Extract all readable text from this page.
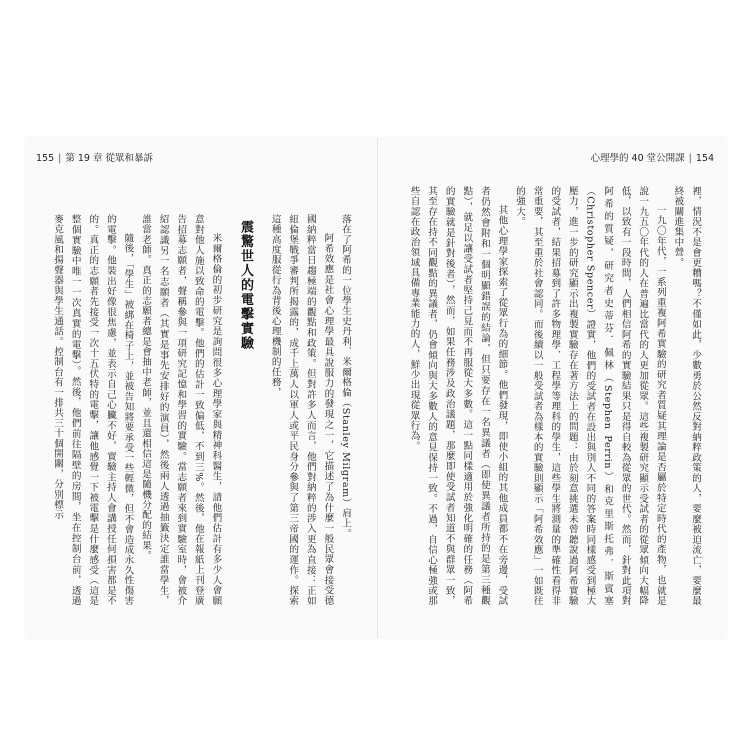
155 | 第 19 章 從眾和暴訴	心理學的 40 堂公開課 | 154

落在了阿希的一位學生史丹利．米爾格倫（Stanley Milgram）肩上。

阿希效應是社會心理學最具說服力的發現之一，它描述了為什麼一般民眾會接受德國納粹當日趨極端的觀點和政策。但對許多人而言，他們對納粹的涉入更為直接：正如紐倫堡戰爭審判所揭露的，成千上萬人以軍人或平民身分參與了第三帝國的運作。探索這種高度服從行為背後心理機制的任務，

震驚世人的電擊實驗

米爾格倫的初步研究是詢問很多心理學家與精神科醫生，請他們估計有多少人會願意對他人施以致命的電擊。他們的估計一致偏低，不到三%。然後，他在報紙上刊登廣告招募志願者，聲稱參與一項研究記憶和學習的實驗。當志願者來到實驗室時，會被介紹認識另一名志願者（其實是事先安排好的演員），然後兩人透過抽籤決定誰當學生，誰當老師。真正的志願者總是會抽中老師，並且還相信這是隨機分配的結果。

隨後，「學生」被綁在椅子上，並被告知將要承受一些輕微，但不會造成永久性傷害的電擊。他裝出好像很焦慮，並表示自己心臟不好，實驗主持人會講授任何損害都是不的。真正的志願者先接受一次十五伏特的電擊，讓他感覺一下被電擊是什麼感受（這是整個實驗中唯一一次真實的電擊）。然後，他們前往隔壁的房間，坐在控制台前，透過麥克風和揚聲器與學生通話。控制台有一排共三十個開關，分別標示	裡，情況不是會更糟嗎？不僅如此，少數勇於公然反對納粹政策的人，要麼被迫流亡，要麼最終被關進集中營。

一九〇年代，一系列重複阿希實驗的研究者質疑其理論是否屬於特定時代的產物，也就是說一九五〇年代的人在普遍比當代的人更加從眾。這些複製研究顯示受試者的從眾傾向大幅降低，以致有一段時間，人們相信阿希的實驗結果只是得自較為從眾的世代。然而，針對此項對阿希的質疑，研究者史蒂芬．佩林（Stephen Perrin）和克里斯托弗．斯賓塞（Christopher Spencer）證實，他們的受試者在設出與別人不同的答案時同樣感受到極大壓力，進一步的研究顯示出複製實驗存在著方法上的問題：由於刻意挑選未曾聽說過阿希實驗的受試者，結果招募到了許多物理學、工程學等理科的學生，這些學生將測量的準確性看得非常重要，其至重於社會認同。而後續以一般受試者為樣本的實驗則顯示「阿希效應」一如既往的強大。

其他心理學家探索了從眾行為的細節。他們發現，即使小組的其他成員都不在旁邊，受試者仍然會附和一個明顯錯誤的結論，但只要存在一名異議者（即使異議者所持的是第三種觀點），就足以讓受試者堅持己見而不再服從大多數。這一點同樣適用於強化明確的任務（阿希的實驗就是針對後者），然而，如果任務涉及政治議題，那麼即使受試者知道不與群眾一致，其至存在持不同觀點的異議者，仍會傾向與大多數人的意見保持一致。不過，自信心極強或那些自認在政治領域具備專業能力的人，鮮少出現從眾行為。
